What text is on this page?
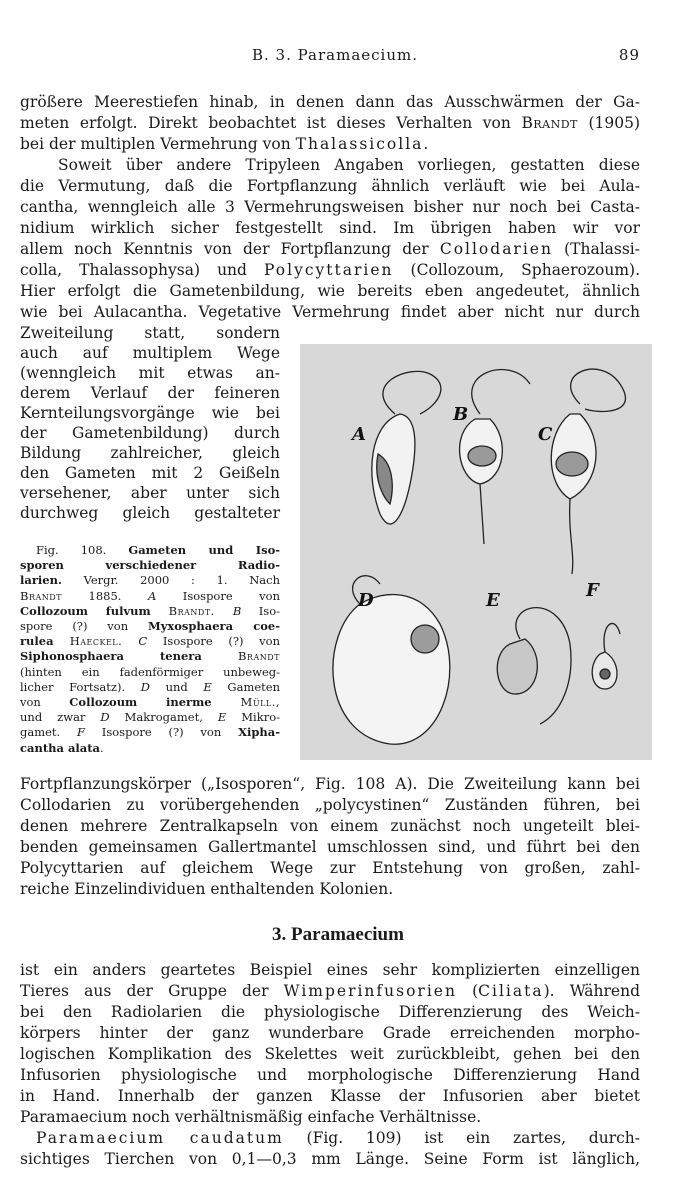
B. 3. Paramaecium.	89
größere Meerestiefen hinab, in denen dann das Ausschwärmen der Ga-
meten erfolgt. Direkt beobachtet ist dieses Verhalten von Brandt (1905)
bei der multiplen Vermehrung von Thalassicolla.
Soweit über andere Tripyleen Angaben vorliegen, gestatten diese
die Vermutung, daß die Fortpflanzung ähnlich verläuft wie bei Aula-
cantha, wenngleich alle 3 Vermehrungsweisen bisher nur noch bei Casta-
nidium wirklich sicher festgestellt sind. Im übrigen haben wir vor
allem noch Kenntnis von der Fortpflanzung der Collodarien (Thalassi-
colla, Thalassophysa) und Polycyttarien (Collozoum, Sphaerozoum).
Hier erfolgt die Gametenbildung, wie bereits eben angedeutet, ähnlich
wie bei Aulacantha. Vegetative Vermehrung findet aber nicht nur durch
Zweiteilung statt, sondern
auch auf multiplem Wege
(wenngleich mit etwas an-
derem Verlauf der feineren
Kernteilungsvorgänge wie bei
der Gametenbildung) durch
Bildung zahlreicher, gleich
den Gameten mit 2 Geißeln
versehener, aber unter sich
durchweg gleich gestalteter
Fig. 108. Gameten und Iso-
sporen verschiedener Radio-
larien. Vergr. 2000 : 1. Nach
Brandt 1885. A Isospore von
Collozoum fulvum Brandt. B Iso-
spore (?) von Myxosphaera coe-
rulea Haeckel. C Isospore (?) von
Siphonosphaera tenera Brandt
(hinten ein fadenförmiger unbeweg-
licher Fortsatz). D und E Gameten
von Collozoum inerme Müll.,
und zwar D Makrogamet, E Mikro-
gamet. F Isospore (?) von Xipha-
cantha alata.
A
B
C
D	E	F
Fortpflanzungskörper („Isosporen“, Fig. 108 A). Die Zweiteilung kann bei
Collodarien zu vorübergehenden „polycystinen“ Zuständen führen, bei
denen mehrere Zentralkapseln von einem zunächst noch ungeteilt blei-
benden gemeinsamen Gallertmantel umschlossen sind, und führt bei den
Polycyttarien auf gleichem Wege zur Entstehung von großen, zahl-
reiche Einzelindividuen enthaltenden Kolonien.
3. Paramaecium
ist ein anders geartetes Beispiel eines sehr komplizierten einzelligen
Tieres aus der Gruppe der Wimperinfusorien (Ciliata). Während
bei den Radiolarien die physiologische Differenzierung des Weich-
körpers hinter der ganz wunderbare Grade erreichenden morpho-
logischen Komplikation des Skelettes weit zurückbleibt, gehen bei den
Infusorien physiologische und morphologische Differenzierung Hand
in Hand. Innerhalb der ganzen Klasse der Infusorien aber bietet
Paramaecium noch verhältnismäßig einfache Verhältnisse.
Paramaecium caudatum (Fig. 109) ist ein zartes, durch-
sichtiges Tierchen von 0,1—0,3 mm Länge. Seine Form ist länglich,
